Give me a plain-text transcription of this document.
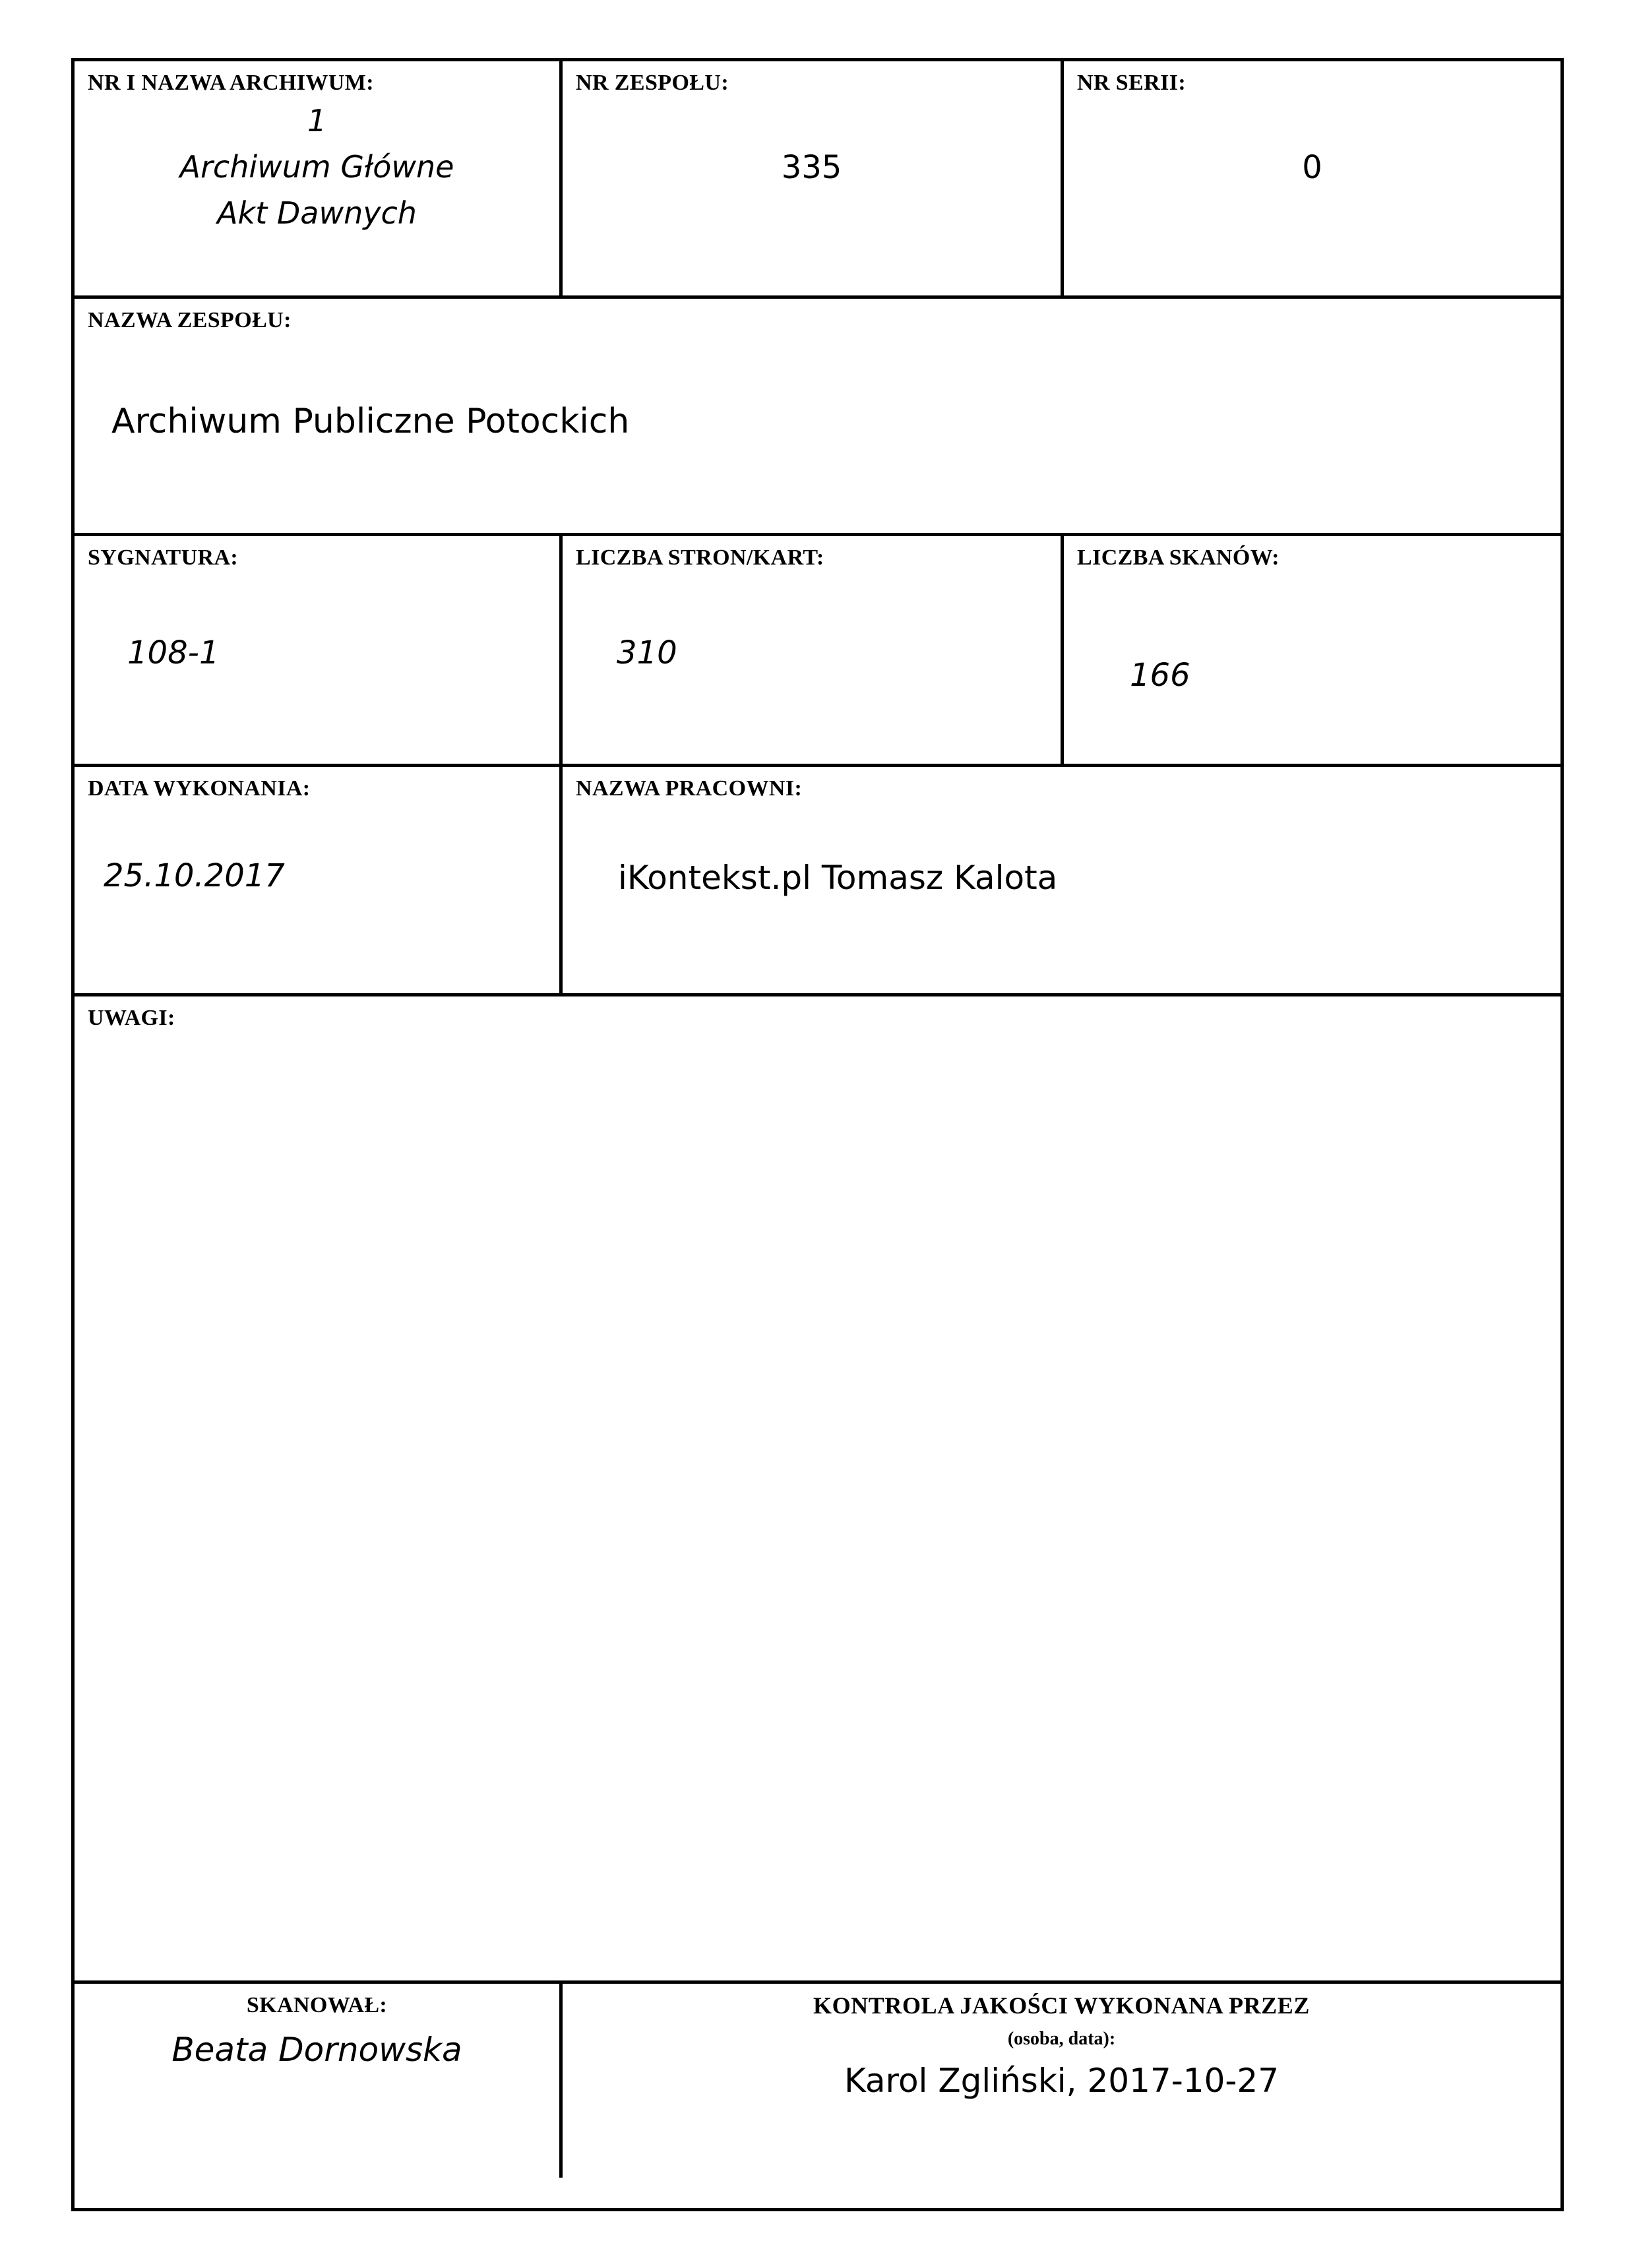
NR I NAZWA ARCHIWUM:
1
Archiwum Główne
Akt Dawnych
NR ZESPOŁU:
335
NR SERII:
0
NAZWA ZESPOŁU:
Archiwum Publiczne Potockich
SYGNATURA:
108-1
LICZBA STRON/KART:
310
LICZBA SKANÓW:
166
DATA WYKONANIA:
25.10.2017
NAZWA PRACOWNI:
iKontekst.pl Tomasz Kalota
UWAGI:
SKANOWAŁ:
Beata Dornowska
KONTROLA JAKOŚCI WYKONANA PRZEZ
(osoba, data):
Karol Zgliński, 2017-10-27
